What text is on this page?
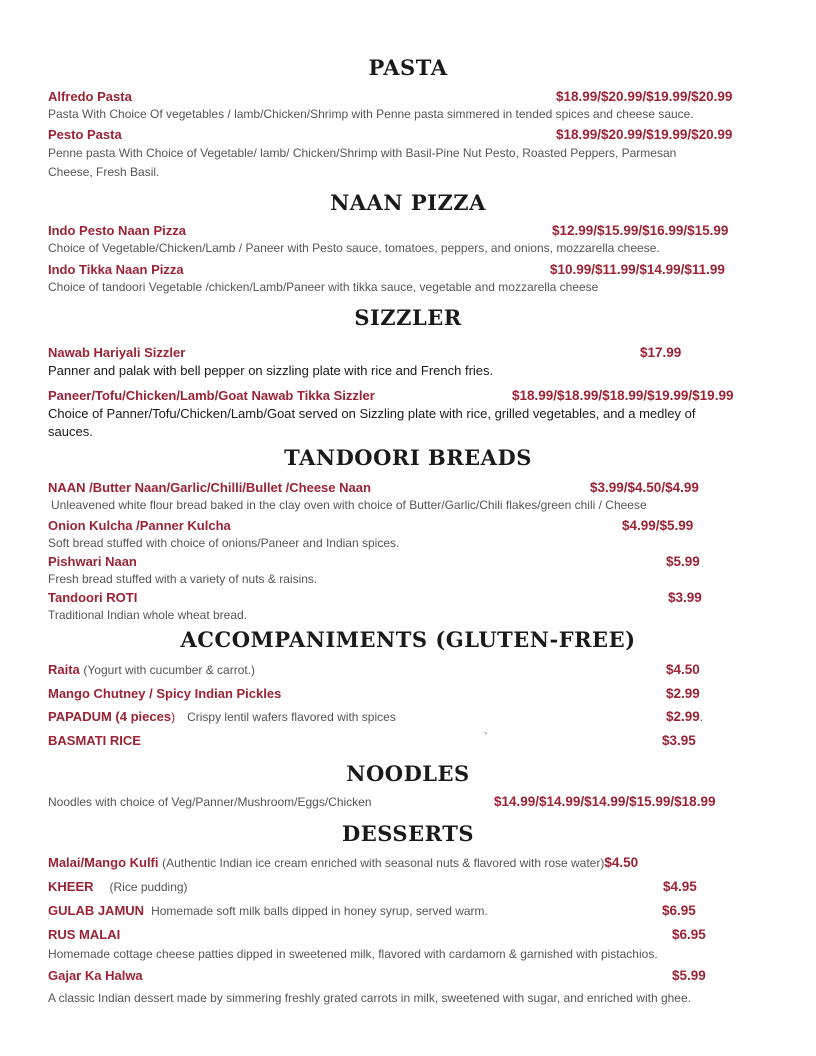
PASTA
Alfredo Pasta	$18.99/$20.99/$19.99/$20.99
Pasta With Choice Of vegetables / lamb/Chicken/Shrimp with Penne pasta simmered in tended spices and cheese sauce.
Pesto Pasta	$18.99/$20.99/$19.99/$20.99
Penne pasta With Choice of Vegetable/ lamb/ Chicken/Shrimp with Basil-Pine Nut Pesto, Roasted Peppers, Parmesan
Cheese, Fresh Basil.
NAAN PIZZA
Indo Pesto Naan Pizza	$12.99/$15.99/$16.99/$15.99
Choice of Vegetable/Chicken/Lamb / Paneer with Pesto sauce, tomatoes, peppers, and onions, mozzarella cheese.
Indo Tikka Naan Pizza	$10.99/$11.99/$14.99/$11.99
Choice of tandoori Vegetable /chicken/Lamb/Paneer with tikka sauce, vegetable and mozzarella cheese
SIZZLER
Nawab Hariyali Sizzler	$17.99
Panner and palak with bell pepper on sizzling plate with rice and French fries.
Paneer/Tofu/Chicken/Lamb/Goat Nawab Tikka Sizzler	$18.99/$18.99/$18.99/$19.99/$19.99
Choice of Panner/Tofu/Chicken/Lamb/Goat served on Sizzling plate with rice, grilled vegetables, and a medley of
sauces.
TANDOORI BREADS
NAAN /Butter Naan/Garlic/Chilli/Bullet /Cheese Naan	$3.99/$4.50/$4.99
Unleavened white flour bread baked in the clay oven with choice of Butter/Garlic/Chili flakes/green chili / Cheese
Onion Kulcha /Panner Kulcha	$4.99/$5.99
Soft bread stuffed with choice of onions/Paneer and Indian spices.
Pishwari Naan	$5.99
Fresh bread stuffed with a variety of nuts & raisins.
Tandoori ROTI	$3.99
Traditional Indian whole wheat bread.
ACCOMPANIMENTS (GLUTEN-FREE)
Raita (Yogurt with cucumber & carrot.)	$4.50
Mango Chutney / Spicy Indian Pickles	$2.99
PAPADUM (4 pieces) Crispy lentil wafers flavored with spices	$2.99.
BASMATI RICE	`	$3.95
NOODLES
Noodles with choice of Veg/Panner/Mushroom/Eggs/Chicken	$14.99/$14.99/$14.99/$15.99/$18.99
DESSERTS
Malai/Mango Kulfi (Authentic Indian ice cream enriched with seasonal nuts & flavored with rose water)$4.50
KHEER (Rice pudding)	$4.95
GULAB JAMUN Homemade soft milk balls dipped in honey syrup, served warm.	$6.95
RUS MALAI	$6.95
Homemade cottage cheese patties dipped in sweetened milk, flavored with cardamom & garnished with pistachios.
Gajar Ka Halwa	$5.99
A classic Indian dessert made by simmering freshly grated carrots in milk, sweetened with sugar, and enriched with ghee.
